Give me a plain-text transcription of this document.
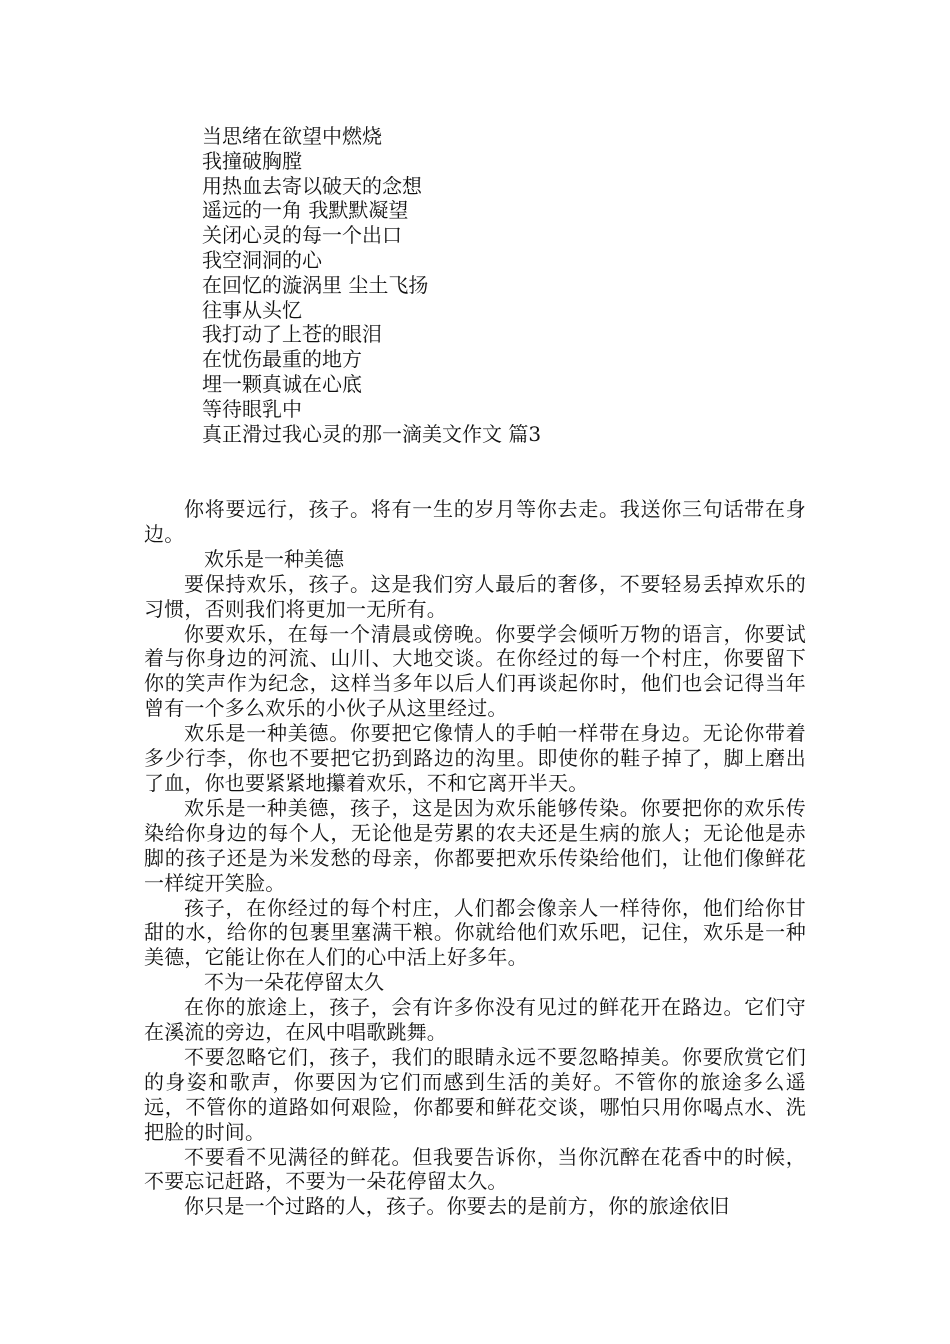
当思绪在欲望中燃烧
我撞破胸膛
用热血去寄以破天的念想
遥远的一角 我默默凝望
关闭心灵的每一个出口
我空洞洞的心
在回忆的漩涡里 尘土飞扬
往事从头忆
我打动了上苍的眼泪
在忧伤最重的地方
埋一颗真诚在心底
等待眼乳中
真正滑过我心灵的那一滴美文作文 篇3

你将要远行，孩子。将有一生的岁月等你去走。我送你三句话带在身边。

欢乐是一种美德

要保持欢乐，孩子。这是我们穷人最后的奢侈，不要轻易丢掉欢乐的习惯，否则我们将更加一无所有。

你要欢乐，在每一个清晨或傍晚。你要学会倾听万物的语言，你要试着与你身边的河流、山川、大地交谈。在你经过的每一个村庄，你要留下你的笑声作为纪念，这样当多年以后人们再谈起你时，他们也会记得当年曾有一个多么欢乐的小伙子从这里经过。

欢乐是一种美德。你要把它像情人的手帕一样带在身边。无论你带着多少行李，你也不要把它扔到路边的沟里。即使你的鞋子掉了，脚上磨出了血，你也要紧紧地攥着欢乐，不和它离开半天。

欢乐是一种美德，孩子，这是因为欢乐能够传染。你要把你的欢乐传染给你身边的每个人，无论他是劳累的农夫还是生病的旅人；无论他是赤脚的孩子还是为米发愁的母亲，你都要把欢乐传染给他们，让他们像鲜花一样绽开笑脸。

孩子，在你经过的每个村庄，人们都会像亲人一样待你，他们给你甘甜的水，给你的包裹里塞满干粮。你就给他们欢乐吧，记住，欢乐是一种美德，它能让你在人们的心中活上好多年。

不为一朵花停留太久

在你的旅途上，孩子，会有许多你没有见过的鲜花开在路边。它们守在溪流的旁边，在风中唱歌跳舞。

不要忽略它们，孩子，我们的眼睛永远不要忽略掉美。你要欣赏它们的身姿和歌声，你要因为它们而感到生活的美好。不管你的旅途多么遥远，不管你的道路如何艰险，你都要和鲜花交谈，哪怕只用你喝点水、洗把脸的时间。

不要看不见满径的鲜花。但我要告诉你，当你沉醉在花香中的时候，不要忘记赶路，不要为一朵花停留太久。

你只是一个过路的人，孩子。你要去的是前方，你的旅途依旧
